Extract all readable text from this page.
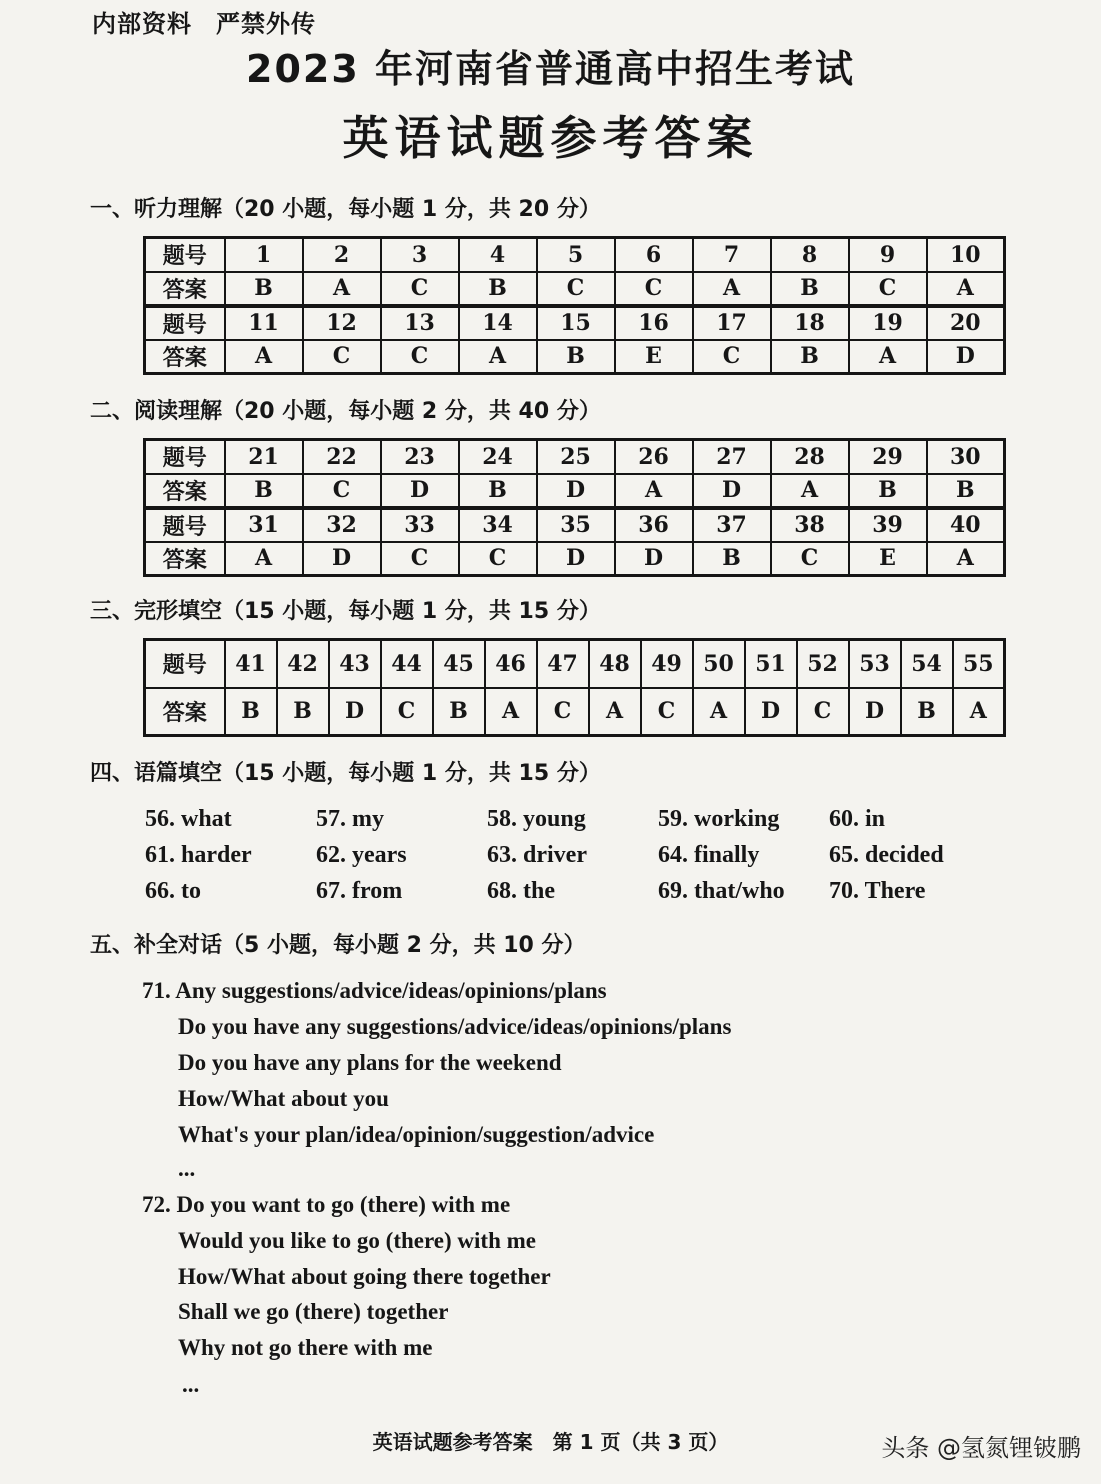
内部资料 严禁外传
2023 年河南省普通高中招生考试
英语试题参考答案
一、听力理解（20 小题，每小题 1 分，共 20 分）
题号	1	2	3	4	5	6	7	8	9	10
答案	B	A	C	B	C	C	A	B	C	A
题号	11	12	13	14	15	16	17	18	19	20
答案	A	C	C	A	B	E	C	B	A	D
二、阅读理解（20 小题，每小题 2 分，共 40 分）
题号	21	22	23	24	25	26	27	28	29	30
答案	B	C	D	B	D	A	D	A	B	B
题号	31	32	33	34	35	36	37	38	39	40
答案	A	D	C	C	D	D	B	C	E	A
三、完形填空（15 小题，每小题 1 分，共 15 分）
题号	41	42	43	44	45	46	47	48	49	50	51	52	53	54	55
答案	B	B	D	C	B	A	C	A	C	A	D	C	D	B	A
四、语篇填空（15 小题，每小题 1 分，共 15 分）
56. what	57. my	58. young	59. working 60. in
61. harder	62. years	63. driver	64. finally	65. decided
66. to	67. from	68. the	69. that/who 70. There
五、补全对话（5 小题，每小题 2 分，共 10 分）
71. Any suggestions/advice/ideas/opinions/plans
Do you have any suggestions/advice/ideas/opinions/plans
Do you have any plans for the weekend
How/What about you
What's your plan/idea/opinion/suggestion/advice
...
72. Do you want to go (there) with me
Would you like to go (there) with me
How/What about going there together
Shall we go (there) together
Why not go there with me
...
英语试题参考答案　第 1 页（共 3 页）	头条 @氢氮锂铍鹏
